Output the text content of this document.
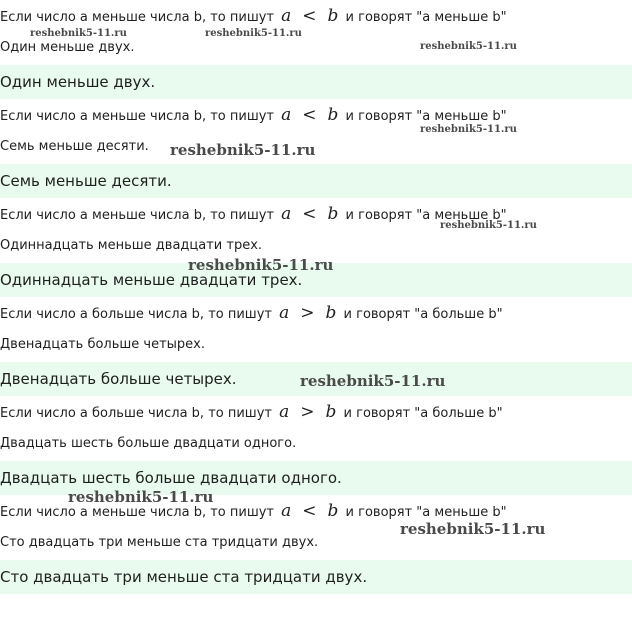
Если число а меньше числа b, то пишут a < b и говорят "а меньше b"
Один меньше двух.
Один меньше двух.
Если число а меньше числа b, то пишут a < b и говорят "а меньше b"
Семь меньше десяти.
Семь меньше десяти.
Если число а меньше числа b, то пишут a < b и говорят "а меньше b"
Одиннадцать меньше двадцати трех.
Одиннадцать меньше двадцати трех.
Если число а больше числа b, то пишут a > b и говорят "а больше b"
Двенадцать больше четырех.
Двенадцать больше четырех.
Если число а больше числа b, то пишут a > b и говорят "а больше b"
Двадцать шесть больше двадцати одного.
Двадцать шесть больше двадцати одного.
Если число а меньше числа b, то пишут a < b и говорят "а меньше b"
Сто двадцать три меньше ста тридцати двух.
Сто двадцать три меньше ста тридцати двух.
reshebnik5-11.ru	reshebnik5-11.ru
reshebnik5-11.ru
reshebnik5-11.ru
reshebnik5-11.ru
reshebnik5-11.ru
reshebnik5-11.ru
reshebnik5-11.ru
reshebnik5-11.ru
reshebnik5-11.ru
